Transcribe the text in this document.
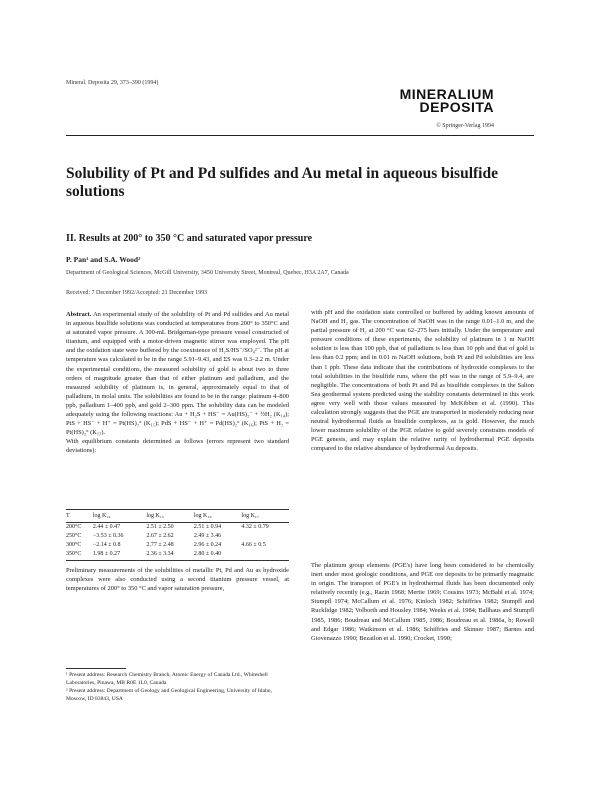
Mineral. Deposita 29, 373–390 (1994)
MINERALIUM
DEPOSITA
© Springer-Verlag 1994
Solubility of Pt and Pd sulfides and Au metal in aqueous bisulfide solutions
II. Results at 200° to 350 °C and saturated vapor pressure
P. Pan¹ and S.A. Wood²
Department of Geological Sciences, McGill University, 3450 University Street, Montreal, Quebec, H3A 2A7, Canada
Received: 7 December 1992/Accepted: 21 December 1993

Abstract. An experimental study of the solubility of Pt and Pd sulfides and Au metal in aqueous bisulfide solutions was conducted at temperatures from 200° to 350°C and at saturated vapor pressure. A 300-mL Bridgeman-type pressure vessel constructed of titanium, and equipped with a motor-driven magnetic stirrer was employed. The pH and the oxidation state were buffered by the coexistence of H₂S/HS⁻/SO₄²⁻. The pH at temperature was calculated to be in the range 5.91–9.43, and ΣS was 0.3–2.2 m. Under the experimental conditions, the measured solubility of gold is about two to three orders of magnitude greater than that of either platinum and palladium, and the measured solubility of platinum is, in general, approximately equal to that of palladium, in molal units. The solubilities are found to be in the range: platinum 4–800 ppb, palladium 1–400 ppb, and gold 2–300 ppm. The solubility data can be modeled adequately using the following reactions: Au + H₂S + HS⁻ = Au(HS)₂⁻ + ½H₂ (K₁₄); PtS + HS⁻ + H⁺ = Pt(HS)₂° (K₁₅); PdS + HS⁻ + H⁺ = Pd(HS)₂° (K₁₆); PtS + H₂ = Pt(HS)₂° (K₁₇).

With equilibrium constants determined as follows (errors represent two standard deviations):

T	log K₁₄	log K₁₅	log K₁₆	log K₁₇
200°C	2.44 ± 0.47	2.51 ± 2.50	2.51 ± 0.94	4.32 ± 0.79
250°C	−3.53 ± 0.36	2.67 ± 2.62	2.49 ± 3.46	
300°C	−2.14 ± 0.8	2.77 ± 2.48	2.96 ± 0.24	4.66 ± 0.5
350°C	1.98 ± 0.27	2.36 ± 3.34	2.80 ± 0.40	
Preliminary measurements of the solubilities of metallic Pt, Pd and Au as hydroxide complexes were also conducted using a second titanium pressure vessel, at temperatures of 200° to 350 °C and vapor saturation pressure,

¹ Present address: Research Chemistry Branch, Atomic Energy of Canada Ltd., Whiteshell Laboratories, Pinawa, MB R0E 1L0, Canada

² Present address: Department of Geology and Geological Engineering, University of Idaho, Moscow, ID 83843, USA

with pH and the oxidation state controlled or buffered by adding known amounts of NaOH and H₂ gas. The concentration of NaOH was in the range 0.01–1.0 m, and the partial pressure of H₂ at 200 °C was 62–275 bars initially. Under the temperature and pressure conditions of these experiments, the solubility of platinum in 1 m NaOH solution is less than 100 ppb, that of palladium is less than 10 ppb and that of gold is less than 0.2 ppm; and in 0.01 m NaOH solutions, both Pt and Pd solubilities are less than 1 ppb. These data indicate that the contributions of hydroxide complexes to the total solubilities in the bisulfide runs, where the pH was in the range of 5.9–9.4, are negligible. The concentrations of both Pt and Pd as bisulfide complexes in the Salton Sea geothermal system predicted using the stability constants determined in this work agree very well with those values measured by McKibben et al. (1990). This calculation strongly suggests that the PGE are transported in moderately reducing near neutral hydrothermal fluids as bisulfide complexes, as is gold. However, the much lower maximum solubility of the PGE relative to gold severely constrains models of PGE genesis, and may explain the relative rarity of hydrothermal PGE deposits compared to the relative abundance of hydrothermal Au deposits.
The platinum group elements (PGE's) have long been considered to be chemically inert under most geologic conditions, and PGE ore deposits to be primarily magmatic in origin. The transport of PGE's in hydrothermal fluids has been documented only relatively recently (e.g., Razin 1968; Mertie 1969; Cousins 1973; McBahl et al. 1974; Stumpfl 1974; McCallum et al. 1976; Kinloch 1982; Schiffries 1982; Stumpfl and Rucklidge 1982; Volborth and Housley 1984; Weeks et al. 1984; Ballhaus and Stumpfl 1985, 1986; Boudreau and McCallum 1985, 1986; Boudreau et al. 1986a, b; Rowell and Edgar 1986; Watkinson et al. 1986; Schiffries and Skinner 1987; Barnes and Giovenazzo 1990; Bezailon et al. 1990; Crocket, 1990;
